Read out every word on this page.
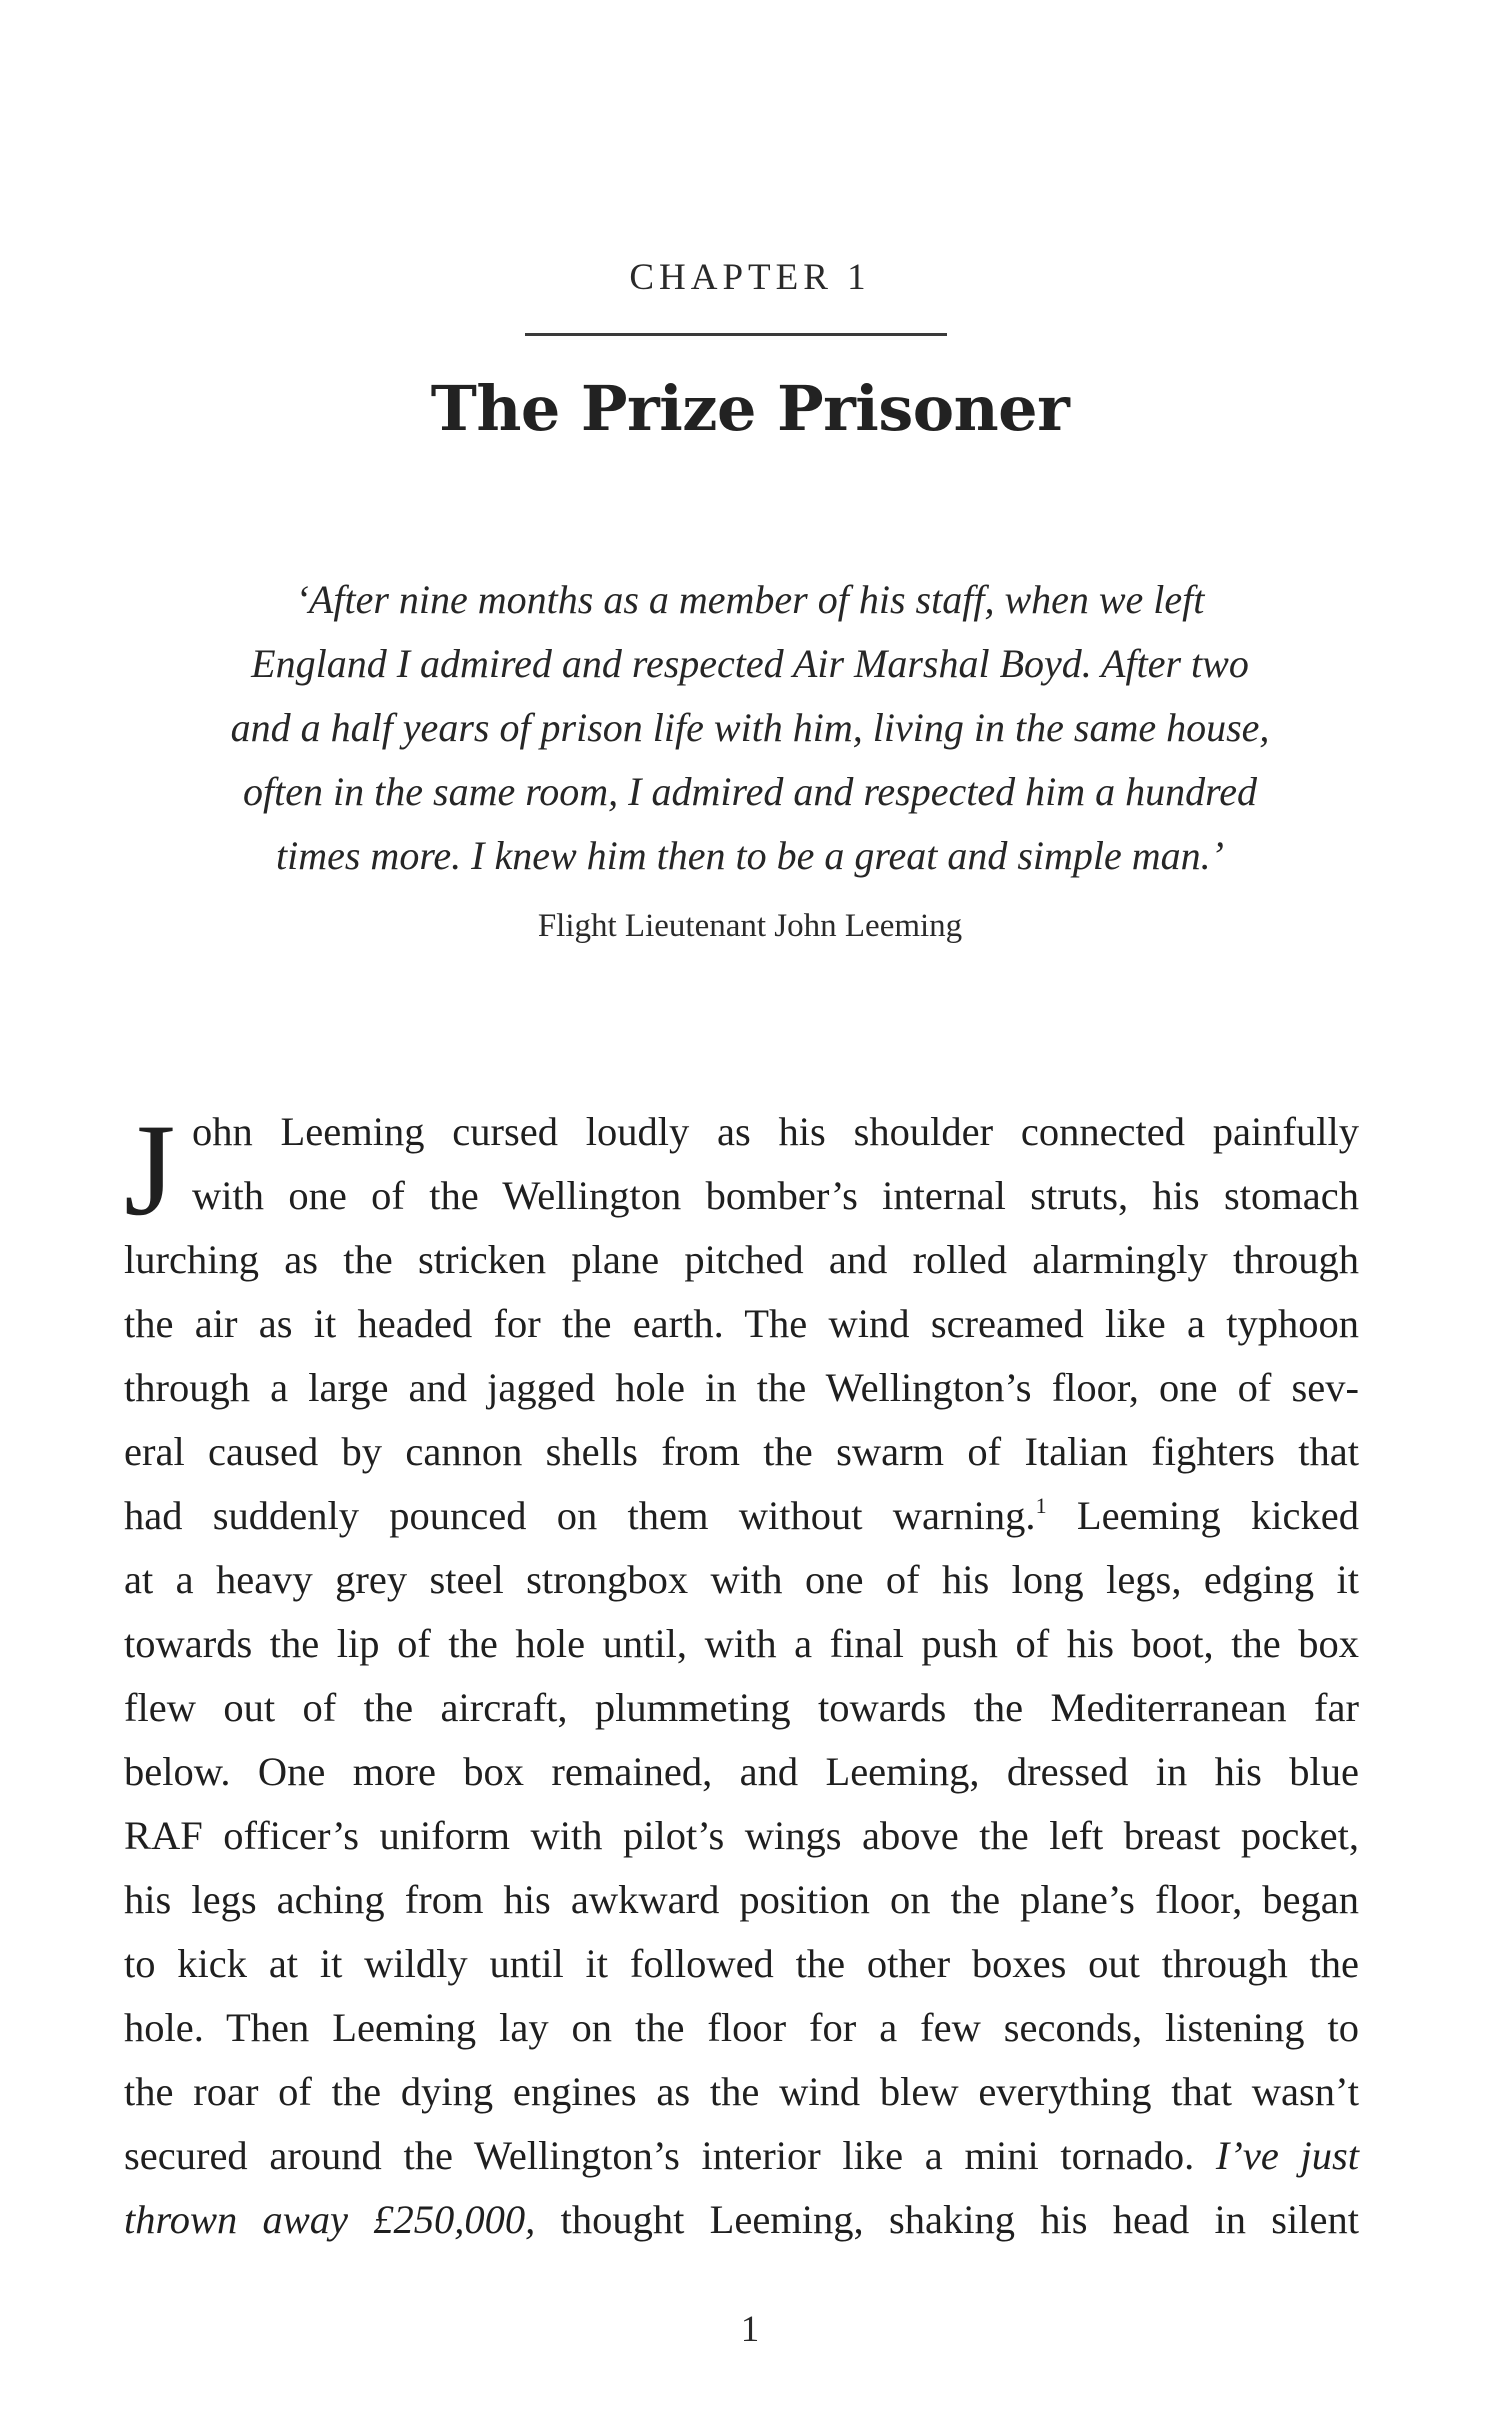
CHAPTER 1
The Prize Prisoner
‘After nine months as a member of his staff, when we left
England I admired and respected Air Marshal Boyd. After two
and a half years of prison life with him, living in the same house,
often in the same room, I admired and respected him a hundred
times more. I knew him then to be a great and simple man.’
Flight Lieutenant John Leeming
J ohn Leeming cursed loudly as his shoulder connected painfully
with one of the Wellington bomber’s internal struts, his stomach
lurching as the stricken plane pitched and rolled alarmingly through
the air as it headed for the earth. The wind screamed like a typhoon
through a large and jagged hole in the Wellington’s floor, one of sev-
eral caused by cannon shells from the swarm of Italian fighters that
had suddenly pounced on them without warning.$^1$ Leeming kicked
at a heavy grey steel strongbox with one of his long legs, edging it
towards the lip of the hole until, with a final push of his boot, the box
flew out of the aircraft, plummeting towards the Mediterranean far
below. One more box remained, and Leeming, dressed in his blue
RAF officer’s uniform with pilot’s wings above the left breast pocket,
his legs aching from his awkward position on the plane’s floor, began
to kick at it wildly until it followed the other boxes out through the
hole. Then Leeming lay on the floor for a few seconds, listening to
the roar of the dying engines as the wind blew everything that wasn’t
secured around the Wellington’s interior like a mini tornado. I’ve just
thrown away £250,000, thought Leeming, shaking his head in silent
1
